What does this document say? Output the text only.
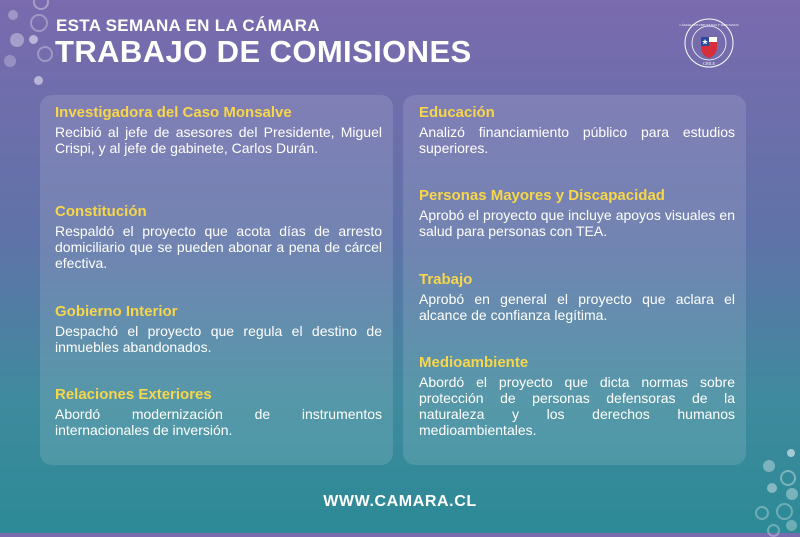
ESTA SEMANA EN LA CÁMARA
TRABAJO DE COMISIONES
CÁMARA DE DIPUTADAS Y DIPUTADOS
CHILE
Investigadora del Caso Monsalve

Recibió al jefe de asesores del Presidente, Miguel Crispi, y al jefe de gabinete, Carlos Durán.

Constitución

Respaldó el proyecto que acota días de arresto domiciliario que se pueden abonar a pena de cárcel efectiva.

Gobierno Interior

Despachó el proyecto que regula el destino de inmuebles abandonados.

Relaciones Exteriores

Abordó modernización de instrumentos internacionales de inversión.

Educación

Analizó financiamiento público para estudios superiores.

Personas Mayores y Discapacidad

Aprobó el proyecto que incluye apoyos visuales en salud para personas con TEA.

Trabajo

Aprobó en general el proyecto que aclara el alcance de confianza legítima.

Medioambiente

Abordó el proyecto que dicta normas sobre protección de personas defensoras de la naturaleza y los derechos humanos medioambientales.

WWW.CAMARA.CL
